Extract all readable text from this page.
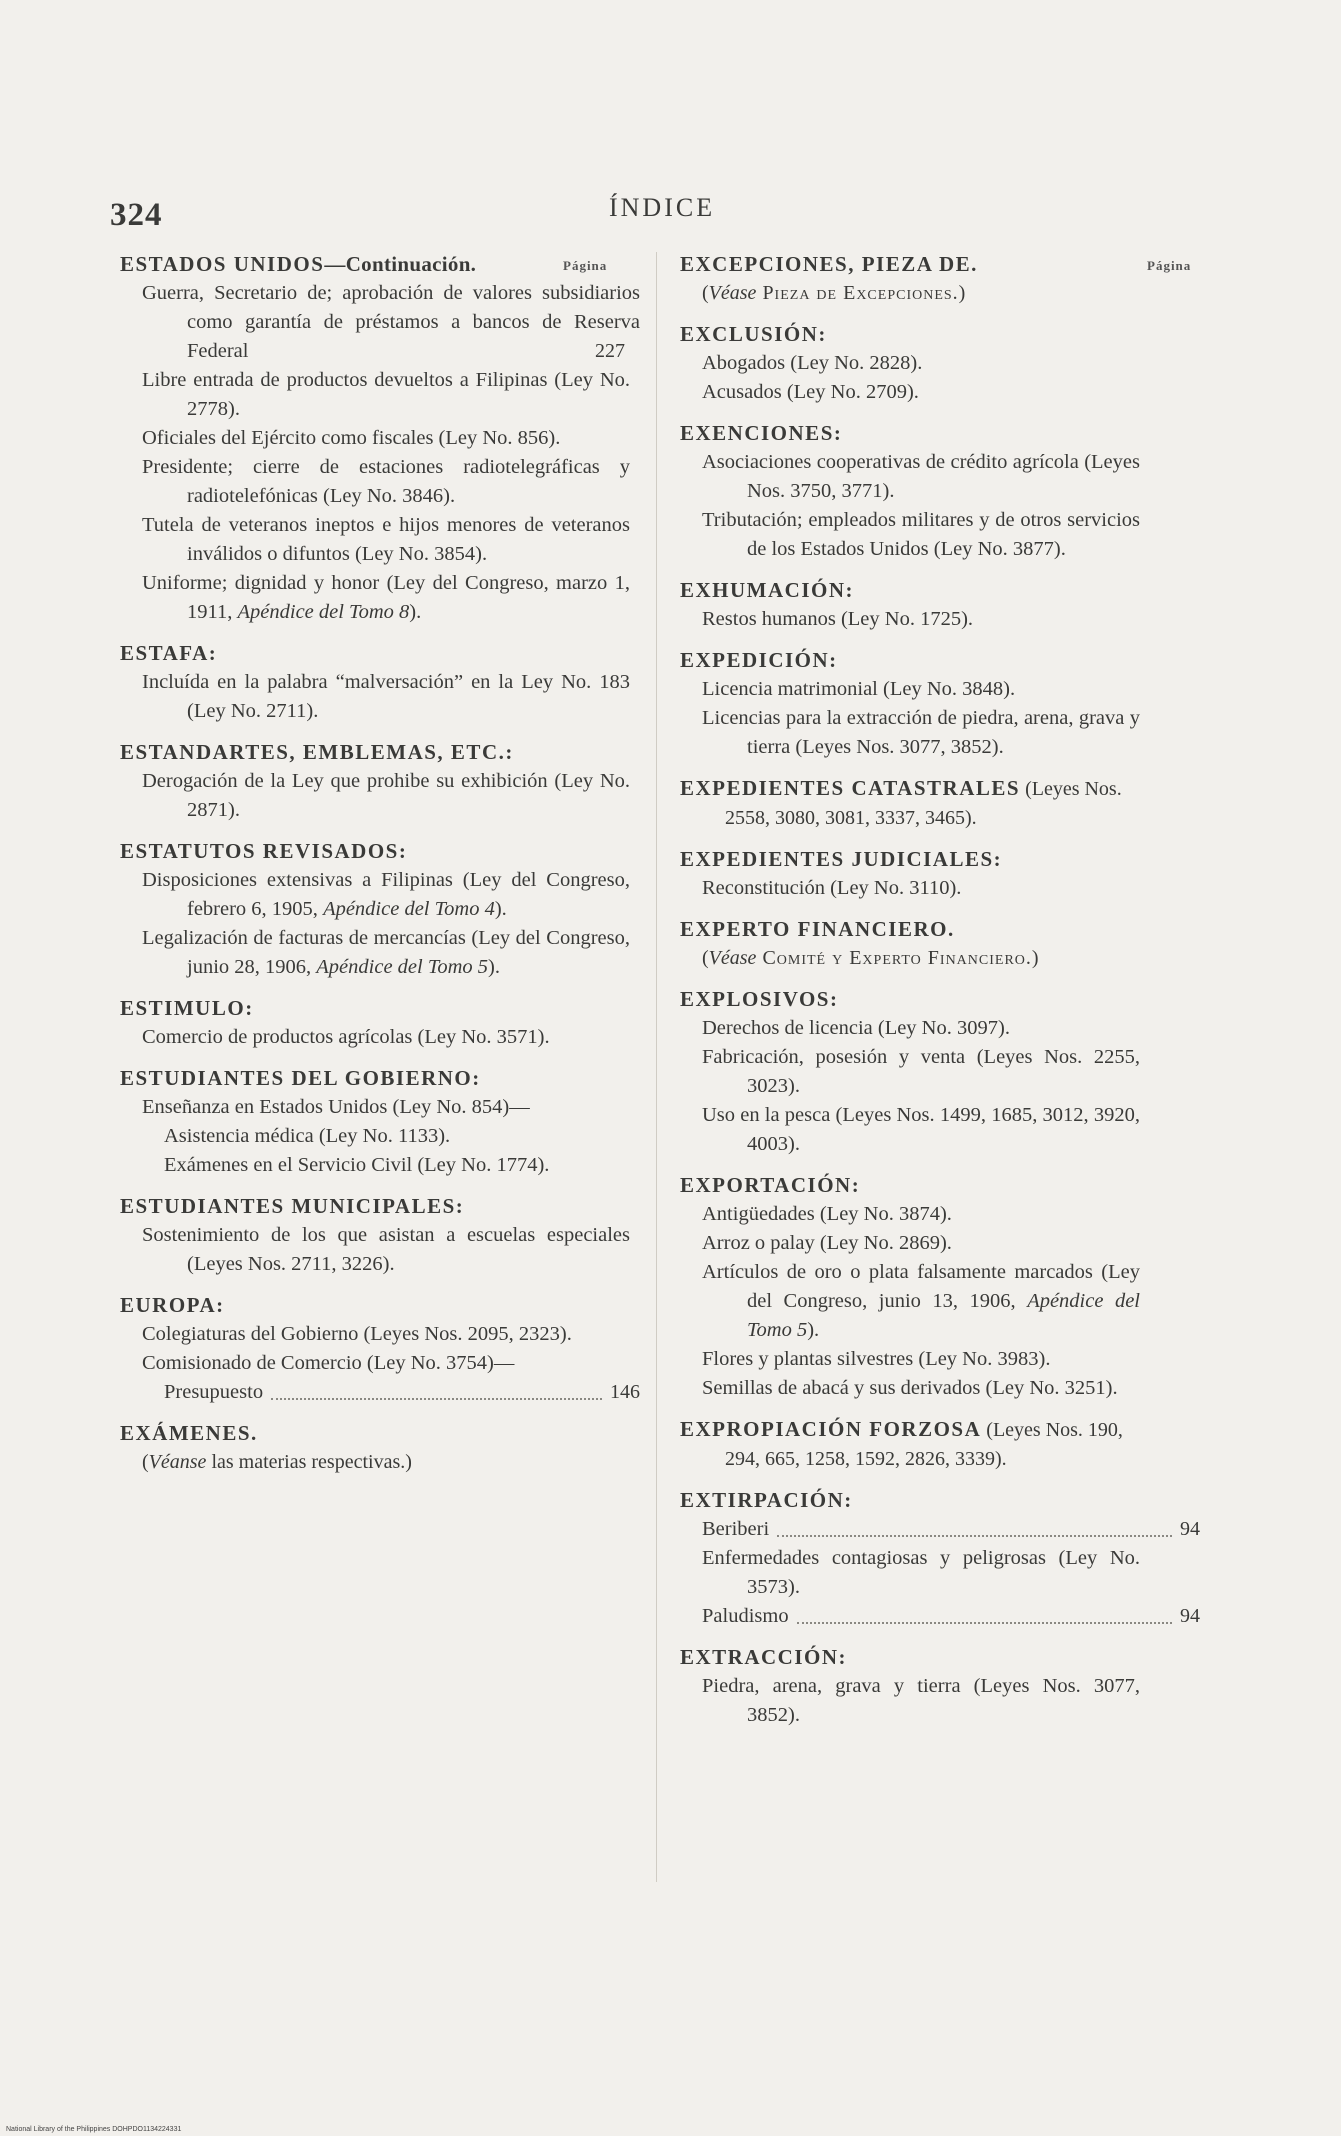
324	ÍNDICE
Página	Página
ESTADOS UNIDOS—Continuación.
Guerra, Secretario de; aprobación de valores subsidiarios como garantía de préstamos a bancos de Reserva Federal	227
Libre entrada de productos devueltos a Filipinas (Ley No. 2778).
Oficiales del Ejército como fiscales (Ley No. 856).
Presidente; cierre de estaciones radiotelegráficas y radiotelefónicas (Ley No. 3846).
Tutela de veteranos ineptos e hijos menores de veteranos inválidos o difuntos (Ley No. 3854).
Uniforme; dignidad y honor (Ley del Congreso, marzo 1, 1911, Apéndice del Tomo 8).
ESTAFA:
Incluída en la palabra “malversación” en la Ley No. 183 (Ley No. 2711).
ESTANDARTES, EMBLEMAS, ETC.:
Derogación de la Ley que prohibe su exhibición (Ley No. 2871).
ESTATUTOS REVISADOS:
Disposiciones extensivas a Filipinas (Ley del Congreso, febrero 6, 1905, Apéndice del Tomo 4).
Legalización de facturas de mercancías (Ley del Congreso, junio 28, 1906, Apéndice del Tomo 5).
ESTIMULO:
Comercio de productos agrícolas (Ley No. 3571).
ESTUDIANTES DEL GOBIERNO:
Enseñanza en Estados Unidos (Ley No. 854)—
Asistencia médica (Ley No. 1133).
Exámenes en el Servicio Civil (Ley No. 1774).
ESTUDIANTES MUNICIPALES:
Sostenimiento de los que asistan a escuelas especiales (Leyes Nos. 2711, 3226).
EUROPA:
Colegiaturas del Gobierno (Leyes Nos. 2095, 2323).
Comisionado de Comercio (Ley No. 3754)—
Presupuesto	146
EXÁMENES.
(Véanse las materias respectivas.)
EXCEPCIONES, PIEZA DE.
(Véase Pieza de Excepciones.)
EXCLUSIÓN:
Abogados (Ley No. 2828).
Acusados (Ley No. 2709).
EXENCIONES:
Asociaciones cooperativas de crédito agrícola (Leyes Nos. 3750, 3771).
Tributación; empleados militares y de otros servicios de los Estados Unidos (Ley No. 3877).
EXHUMACIÓN:
Restos humanos (Ley No. 1725).
EXPEDICIÓN:
Licencia matrimonial (Ley No. 3848).
Licencias para la extracción de piedra, arena, grava y tierra (Leyes Nos. 3077, 3852).
EXPEDIENTES CATASTRALES (Leyes Nos. 2558, 3080, 3081, 3337, 3465).
EXPEDIENTES JUDICIALES:
Reconstitución (Ley No. 3110).
EXPERTO FINANCIERO.
(Véase Comité y Experto Financiero.)
EXPLOSIVOS:
Derechos de licencia (Ley No. 3097).
Fabricación, posesión y venta (Leyes Nos. 2255, 3023).
Uso en la pesca (Leyes Nos. 1499, 1685, 3012, 3920, 4003).
EXPORTACIÓN:
Antigüedades (Ley No. 3874).
Arroz o palay (Ley No. 2869).
Artículos de oro o plata falsamente marcados (Ley del Congreso, junio 13, 1906, Apéndice del Tomo 5).
Flores y plantas silvestres (Ley No. 3983).
Semillas de abacá y sus derivados (Ley No. 3251).
EXPROPIACIÓN FORZOSA (Leyes Nos. 190, 294, 665, 1258, 1592, 2826, 3339).
EXTIRPACIÓN:
Beriberi	94
Enfermedades contagiosas y peligrosas (Ley No. 3573).
Paludismo	94
EXTRACCIÓN:
Piedra, arena, grava y tierra (Leyes Nos. 3077, 3852).
National Library of the Philippines DOHPDO1134224331
